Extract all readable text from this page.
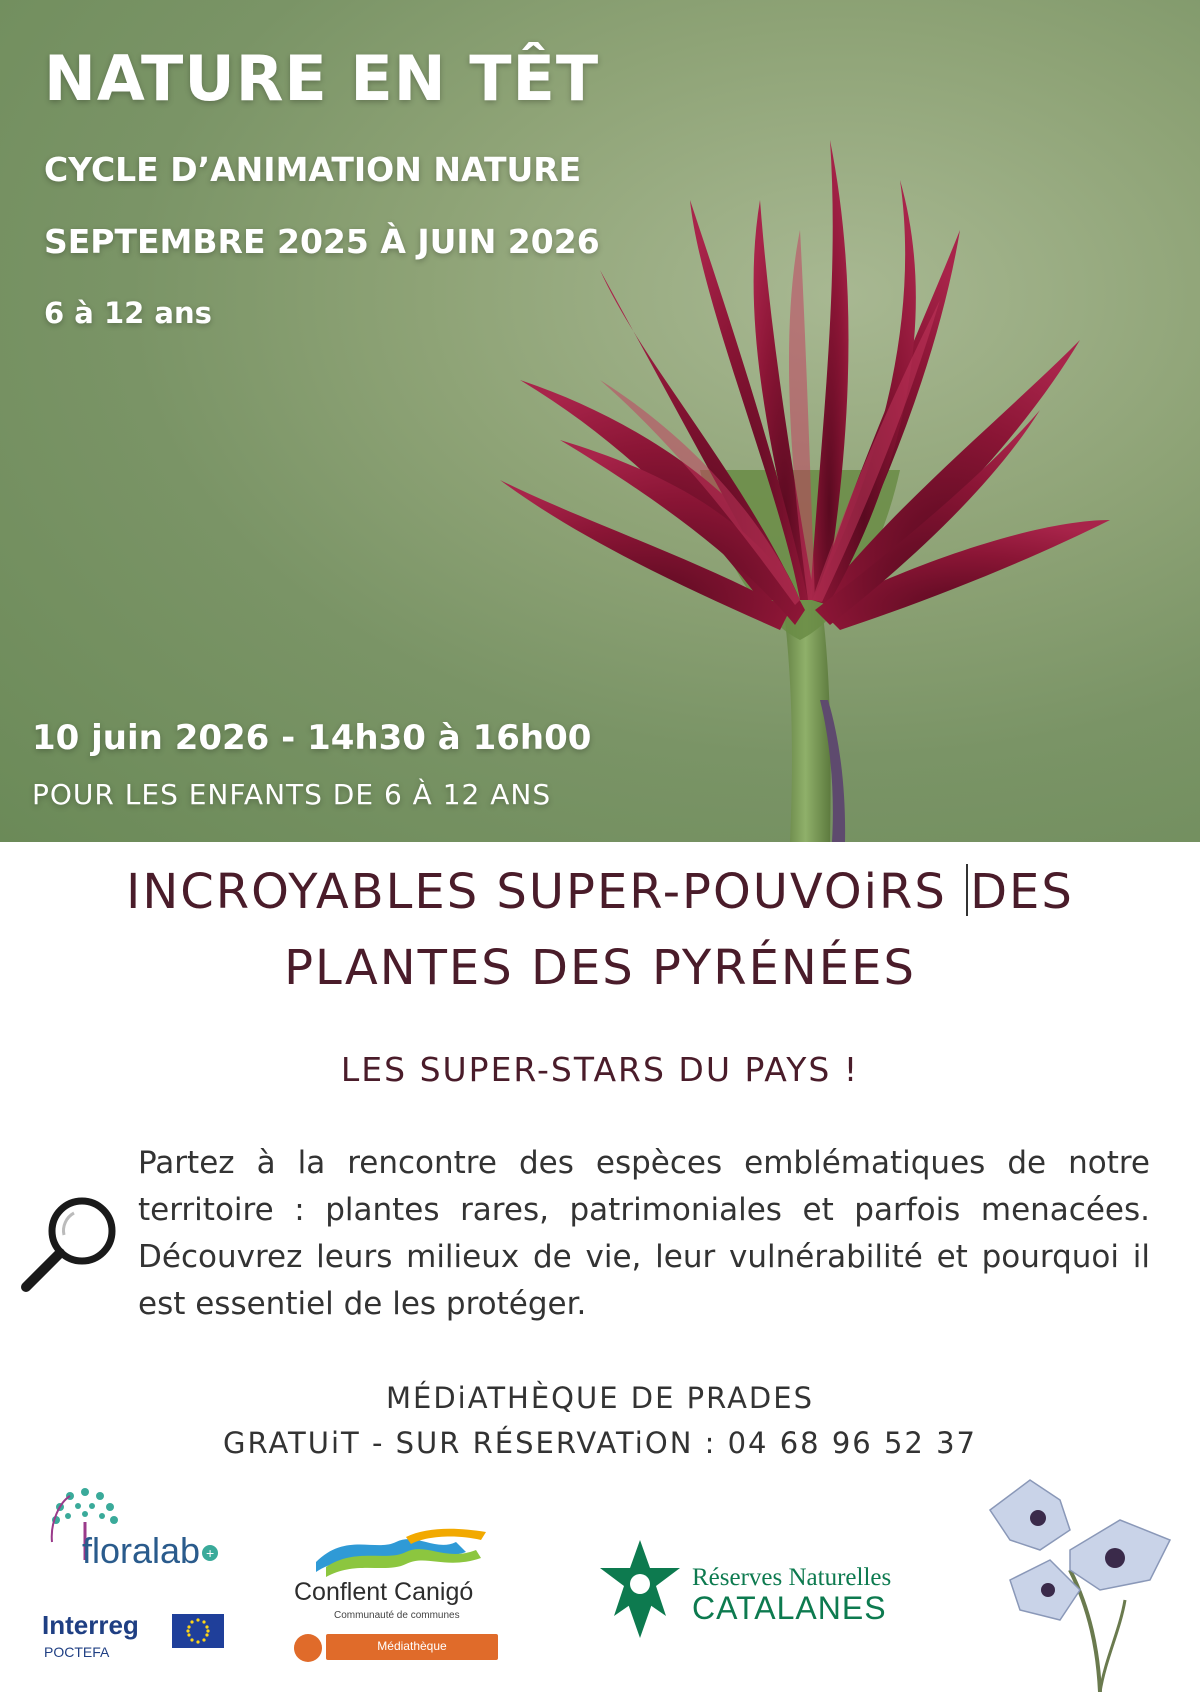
NATURE EN TÊT
CYCLE D’ANIMATION NATURE
SEPTEMBRE 2025 À JUIN 2026
6 à 12 ans
10 juin 2026 - 14h30 à 16h00
POUR LES ENFANTS DE 6 À 12 ANS
INCROYABLES SUPER-POUVOiRS DES
PLANTES DES PYRÉNÉES
LES SUPER-STARS DU PAYS !
Partez à la rencontre des espèces emblématiques de notre territoire : plantes rares, patrimoniales et parfois menacées. Découvrez leurs milieux de vie, leur vulnérabilité et pourquoi il est essentiel de les protéger.
MÉDiATHÈQUE DE PRADES
GRATUiT - SUR RÉSERVATiON : 04 68 96 52 37
floralab +
Interreg
POCTEFA
Conflent Canigó
Communauté de communes
Médiathèque
Réserves Naturelles
CATALANES
